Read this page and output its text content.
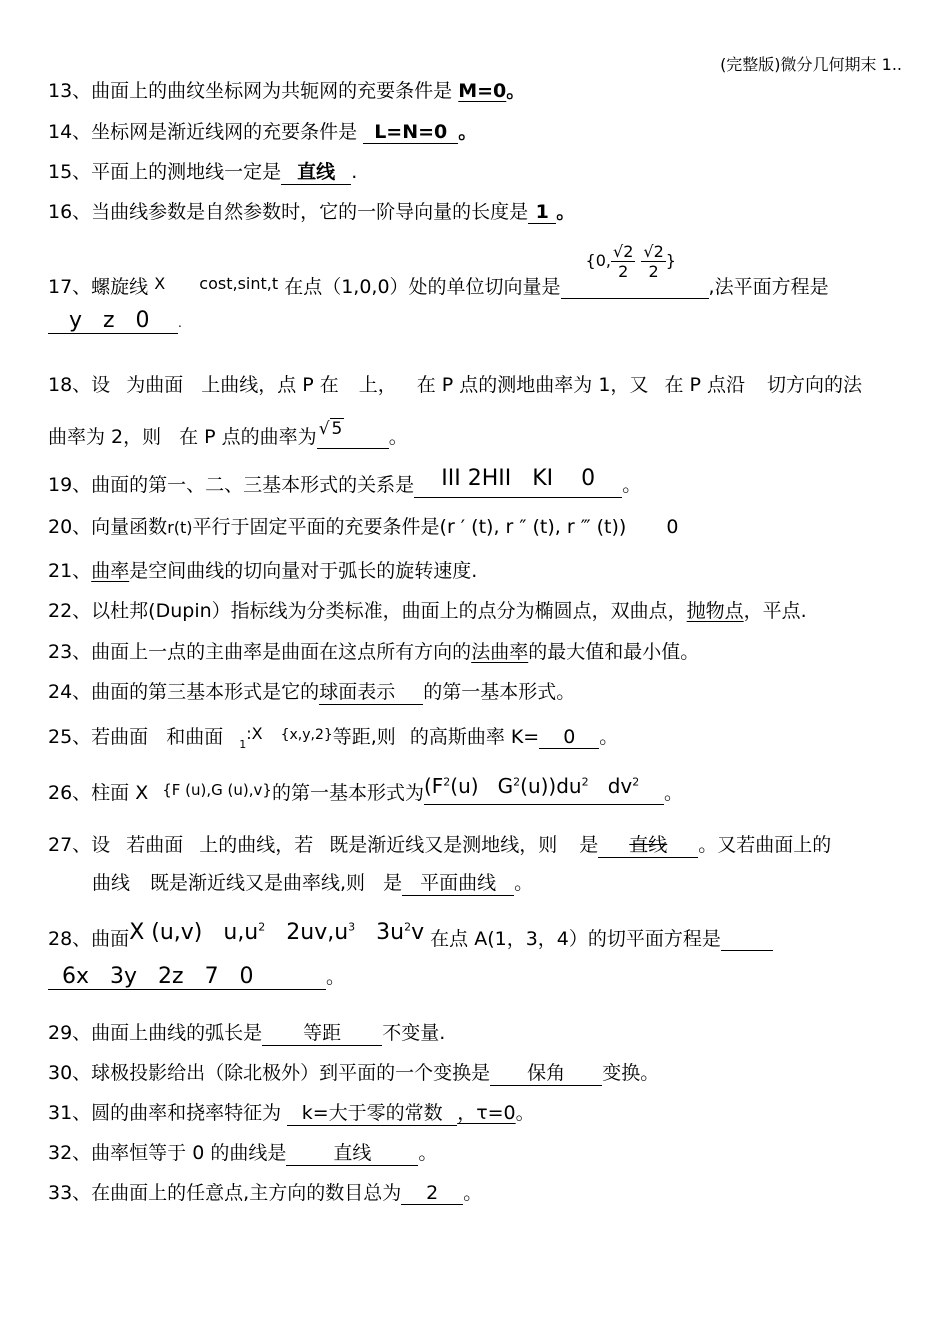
(完整版)微分几何期末 1..
13、曲面上的曲纹坐标网为共轭网的充要条件是 M=0。
14、坐标网是渐近线网的充要条件是 L=N=0 。
15、平面上的测地线一定是 直线 .
16、当曲线参数是自然参数时，它的一阶导向量的长度是 1 。
17、螺旋线 $^X$ $^{cost,sint,t}$ 在点（1,0,0）处的单位切向量是
{0, $\frac{√2}{2} \frac{√2}{2}$ }
,法平面方程是
y z 0 .
18、设 为曲面 上曲线，点 P 在 上， 在 P 点的测地曲率为 1，又 在 P 点沿 切方向的法
曲率为 2，则 在 P 点的曲率为 √ 5 。
19、曲面的第一、二、三基本形式的关系是 III 2HII KI 0 。
20、向量函数r(t)平行于固定平面的充要条件是(r ′ (t), r ″ (t), r ‴ (t)) 0
21、曲率是空间曲线的切向量对于弧长的旋转速度.
22、以杜邦(Dupin）指标线为分类标准，曲面上的点分为椭圆点，双曲点，抛物点，平点.
23、曲面上一点的主曲率是曲面在这点所有方向的法曲率的最大值和最小值。
24、曲面的第三基本形式是它的球面表示 的第一基本形式。
25、若曲面 和曲面 $_1^{:X}$ $^{\{x,y,2\}}$等距,则 的高斯曲率 K= 0 。
26、柱面 X $^{\{F (u),G (u),v\}}$的第一基本形式为($F^2(u)$ $G^2(u))du^2$ $dv^2$。
27、设 若曲面 上的曲线，若 既是渐近线又是测地线，则 是 直线 。又若曲面上的
曲线 既是渐近线又是曲率线,则 是 平面曲线 。
28、曲面X (u,v) $u,u^2$ $2uv,u^3$ $3u^2v$ 在点 A(1，3，4）的切平面方程是
6x 3y 2z 7 0	。
29、曲面上曲线的弧长是 等距 不变量.
30、球极投影给出（除北极外）到平面的一个变换是 保角 变换。
31、圆的曲率和挠率特征为 k=大于零的常数 ，τ=0。
32、曲率恒等于 0 的曲线是 直线 。
33、在曲面上的任意点,主方向的数目总为 2 。
